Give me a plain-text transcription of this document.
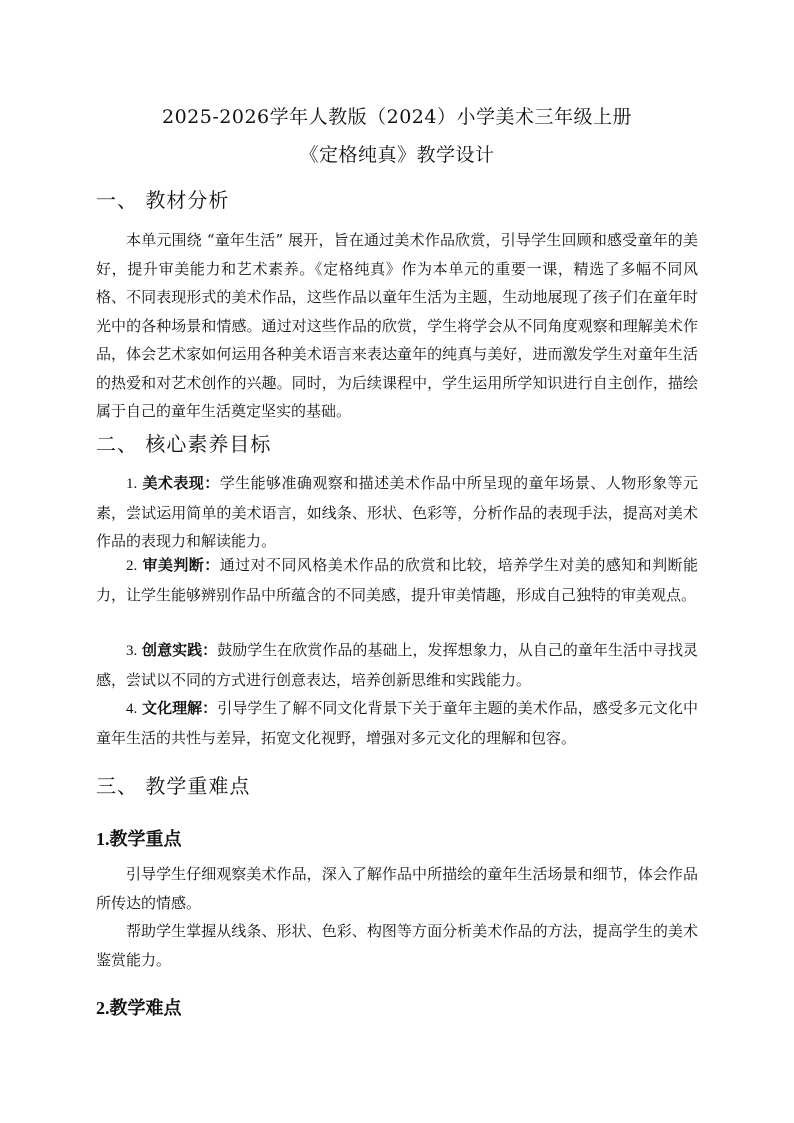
2025-2026学年人教版（2024）小学美术三年级上册
《定格纯真》教学设计
一、 教材分析
本单元围绕 “童年生活” 展开，旨在通过美术作品欣赏，引导学生回顾和感受童年的美好，提升审美能力和艺术素养。《定格纯真》作为本单元的重要一课，精选了多幅不同风格、不同表现形式的美术作品，这些作品以童年生活为主题，生动地展现了孩子们在童年时光中的各种场景和情感。通过对这些作品的欣赏，学生将学会从不同角度观察和理解美术作品，体会艺术家如何运用各种美术语言来表达童年的纯真与美好，进而激发学生对童年生活的热爱和对艺术创作的兴趣。同时，为后续课程中，学生运用所学知识进行自主创作，描绘属于自己的童年生活奠定坚实的基础。
二、 核心素养目标
1. 美术表现：学生能够准确观察和描述美术作品中所呈现的童年场景、人物形象等元素，尝试运用简单的美术语言，如线条、形状、色彩等，分析作品的表现手法，提高对美术作品的表现力和解读能力。
2. 审美判断：通过对不同风格美术作品的欣赏和比较，培养学生对美的感知和判断能力，让学生能够辨别作品中所蕴含的不同美感，提升审美情趣，形成自己独特的审美观点。
3. 创意实践：鼓励学生在欣赏作品的基础上，发挥想象力，从自己的童年生活中寻找灵感，尝试以不同的方式进行创意表达，培养创新思维和实践能力。
4. 文化理解：引导学生了解不同文化背景下关于童年主题的美术作品，感受多元文化中童年生活的共性与差异，拓宽文化视野，增强对多元文化的理解和包容。
三、 教学重难点
1.教学重点
引导学生仔细观察美术作品，深入了解作品中所描绘的童年生活场景和细节，体会作品所传达的情感。
帮助学生掌握从线条、形状、色彩、构图等方面分析美术作品的方法，提高学生的美术鉴赏能力。
2.教学难点
